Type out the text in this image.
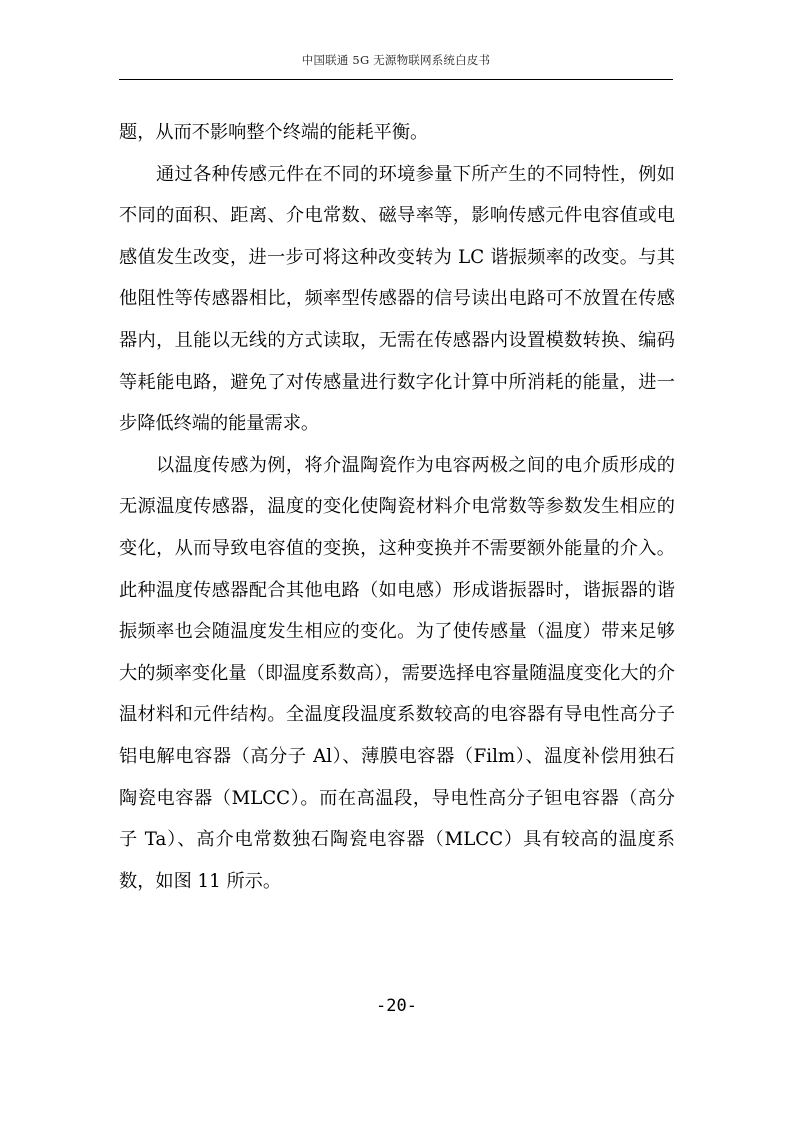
中国联通 5G 无源物联网系统白皮书

题，从而不影响整个终端的能耗平衡。

通过各种传感元件在不同的环境参量下所产生的不同特性，例如不同的面积、距离、介电常数、磁导率等，影响传感元件电容值或电感值发生改变，进一步可将这种改变转为 LC 谐振频率的改变。与其他阻性等传感器相比，频率型传感器的信号读出电路可不放置在传感器内，且能以无线的方式读取，无需在传感器内设置模数转换、编码等耗能电路，避免了对传感量进行数字化计算中所消耗的能量，进一步降低终端的能量需求。

以温度传感为例，将介温陶瓷作为电容两极之间的电介质形成的无源温度传感器，温度的变化使陶瓷材料介电常数等参数发生相应的变化，从而导致电容值的变换，这种变换并不需要额外能量的介入。此种温度传感器配合其他电路（如电感）形成谐振器时，谐振器的谐振频率也会随温度发生相应的变化。为了使传感量（温度）带来足够大的频率变化量（即温度系数高），需要选择电容量随温度变化大的介温材料和元件结构。全温度段温度系数较高的电容器有导电性高分子铝电解电容器（高分子 Al）、薄膜电容器（Film）、温度补偿用独石陶瓷电容器（MLCC）。而在高温段，导电性高分子钽电容器（高分子 Ta）、高介电常数独石陶瓷电容器（MLCC）具有较高的温度系数，如图 11 所示。

-20-
